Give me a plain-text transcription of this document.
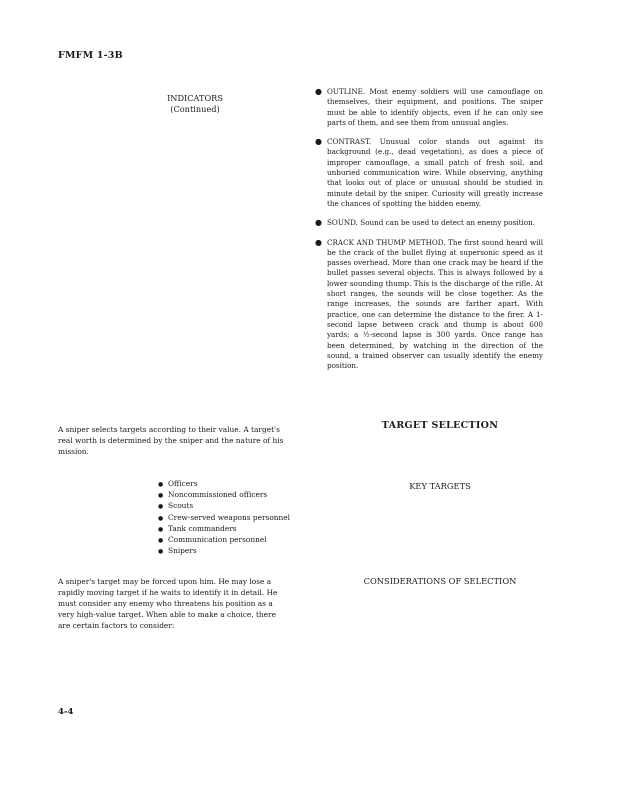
FMFM 1-3B
INDICATORS
(Continued)
● OUTLINE. Most enemy soldiers will use camouflage on themselves, their equipment, and positions. The sniper must be able to identify objects, even if he can only see parts of them, and see them from unusual angles.
● CONTRAST. Unusual color stands out against its background (e.g., dead vegetation), as does a piece of improper camouflage, a small patch of fresh soil, and unburied communication wire. While observing, anything that looks out of place or unusual should be studied in minute detail by the sniper. Curiosity will greatly increase the chances of spotting the hidden enemy.
● SOUND. Sound can be used to detect an enemy position.
● CRACK AND THUMP METHOD. The first sound heard will be the crack of the bullet flying at supersonic speed as it passes overhead. More than one crack may be heard if the bullet passes several objects. This is always followed by a lower sounding thump. This is the discharge of the rifle. At short ranges, the sounds will be close together. As the range increases, the sounds are farther apart. With practice, one can determine the distance to the firer. A 1-second lapse between crack and thump is about 600 yards; a ½-second lapse is 300 yards. Once range has been determined, by watching in the direction of the sound, a trained observer can usually identify the enemy position.

A sniper selects targets according to their value. A target's real worth is determined by the sniper and the nature of his mission.

TARGET SELECTION
● Officers
● Noncommissioned officers
● Scouts
● Crew-served weapons personnel
● Tank commanders
● Communication personnel
● Snipers
KEY TARGETS

A sniper's target may be forced upon him. He may lose a rapidly moving target if he waits to identify it in detail. He must consider any enemy who threatens his position as a very high-value target. When able to make a choice, there are certain factors to consider:

CONSIDERATIONS OF SELECTION
4-4
